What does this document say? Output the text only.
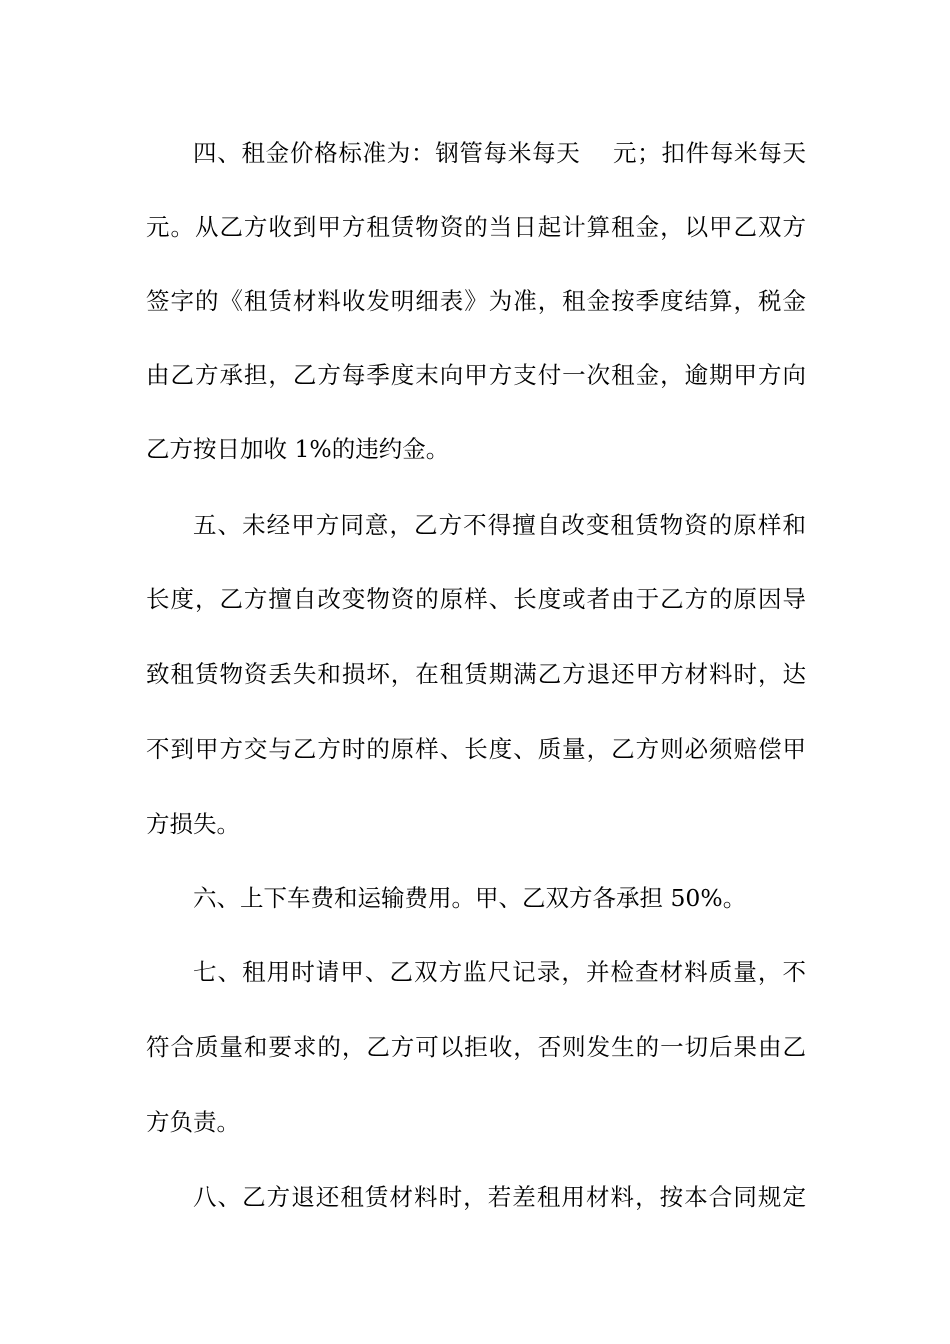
四、租金价格标准为：钢管每米每天　 元；扣件每米每天
元。从乙方收到甲方租赁物资的当日起计算租金，以甲乙双方
签字的《租赁材料收发明细表》为准，租金按季度结算，税金
由乙方承担，乙方每季度末向甲方支付一次租金，逾期甲方向
乙方按日加收 1%的违约金。
五、未经甲方同意，乙方不得擅自改变租赁物资的原样和
长度，乙方擅自改变物资的原样、长度或者由于乙方的原因导
致租赁物资丢失和损坏，在租赁期满乙方退还甲方材料时，达
不到甲方交与乙方时的原样、长度、质量，乙方则必须赔偿甲
方损失。
六、上下车费和运输费用。甲、乙双方各承担 50%。
七、租用时请甲、乙双方监尺记录，并检查材料质量，不
符合质量和要求的，乙方可以拒收，否则发生的一切后果由乙
方负责。
八、乙方退还租赁材料时，若差租用材料，按本合同规定
